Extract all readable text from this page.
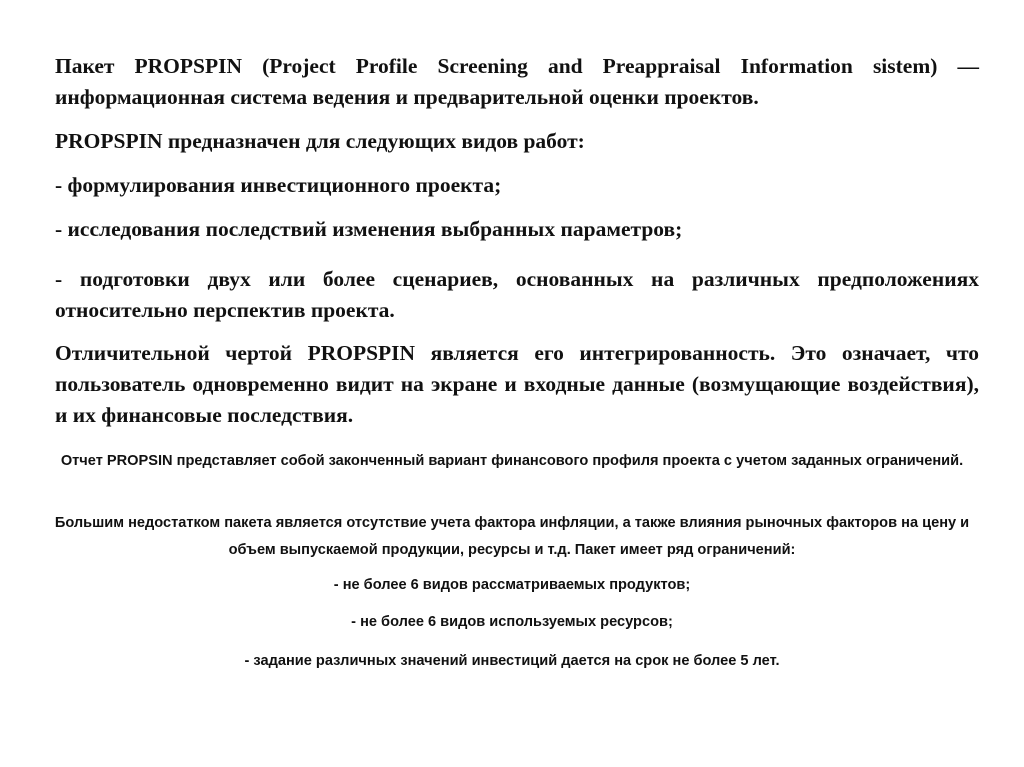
Пакет PROPSPIN (Project Profile Screening and Preappraisal Information sistem) — информационная система ведения и предварительной оценки проектов.

PROPSPIN предназначен для следующих видов работ:

- формулирования инвестиционного проекта;

- исследования последствий изменения выбранных параметров;

- подготовки двух или более сценариев, основанных на различных предположениях относительно перспектив проекта.

Отличительной чертой PROPSPIN является его интегрированность. Это означает, что пользователь одновременно видит на экране и входные данные (возмущающие воздействия), и их финансовые последствия.

Отчет PROPSIN представляет собой законченный вариант финансового профиля проекта с учетом заданных ограничений.

Большим недостатком пакета является отсутствие учета фактора инфляции, а также влияния рыночных факторов на цену и объем выпускаемой продукции, ресурсы и т.д. Пакет имеет ряд ограничений:

- не более 6 видов рассматриваемых продуктов;

- не более 6 видов используемых ресурсов;

- задание различных значений инвестиций дается на срок не более 5 лет.
